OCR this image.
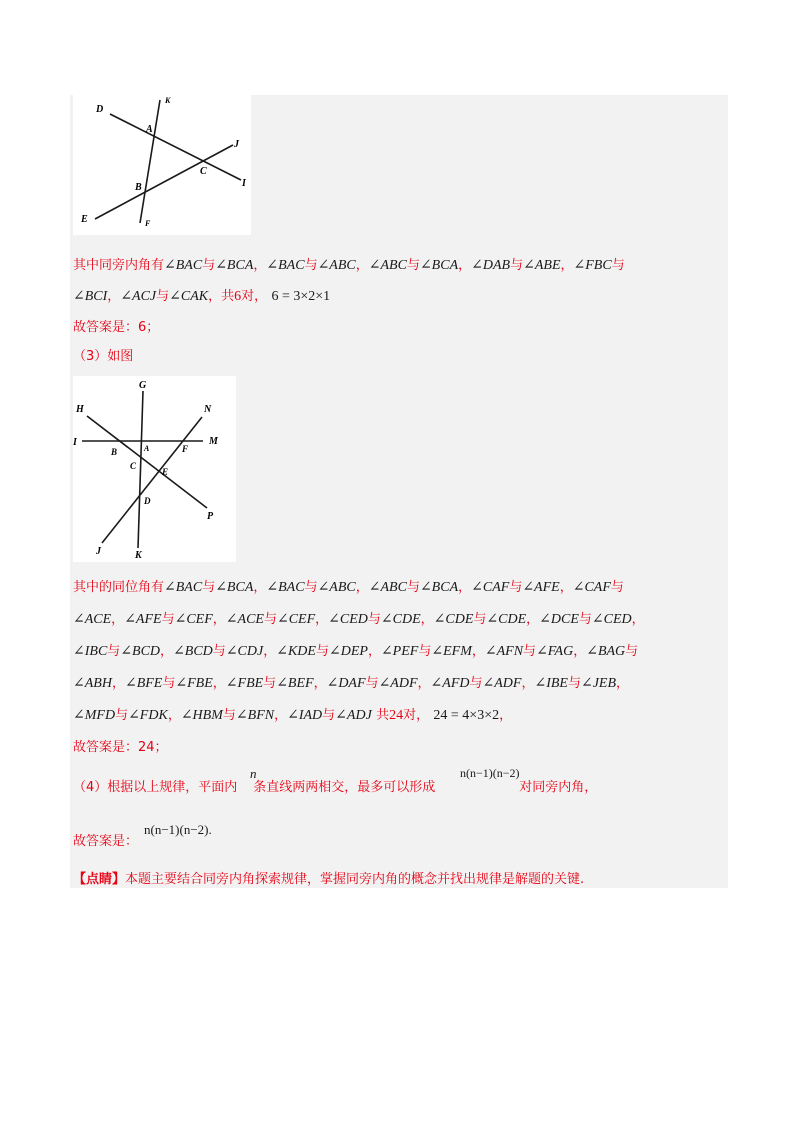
D
K
A
J
C
I
B
E	F
其中同旁内角有∠BAC与∠BCA，∠BAC与∠ABC，∠ABC与∠BCA，∠DAB与∠ABE，∠FBC与
∠BCI，∠ACJ与∠CAK，共6对， 6 = 3×2×1
故答案是：6；
（3）如图
G
H	N
I	M
B	A	F
C
E
D
P
J	K
其中的同位角有∠BAC与∠BCA，∠BAC与∠ABC，∠ABC与∠BCA，∠CAF与∠AFE，∠CAF与
∠ACE，∠AFE与∠CEF，∠ACE与∠CEF，∠CED与∠CDE，∠CDE与∠CDE，∠DCE与∠CED，
∠IBC与∠BCD，∠BCD与∠CDJ，∠KDE与∠DEP，∠PEF与∠EFM，∠AFN与∠FAG，∠BAG与
∠ABH，∠BFE与∠FBE，∠FBE与∠BEF，∠DAF与∠ADF，∠AFD与∠ADF，∠IBE与∠JEB，
∠MFD与∠FDK，∠HBM与∠BFN，∠IAD与∠ADJ 共24对， 24 = 4×3×2，
故答案是：24；
（4）根据以上规律，平面内 条直线两两相交，最多可以形成	对同旁内角，
n	n(n−1)(n−2)
故答案是：
n(n−1)(n−2).
【点睛】本题主要结合同旁内角探索规律，掌握同旁内角的概念并找出规律是解题的关键.
